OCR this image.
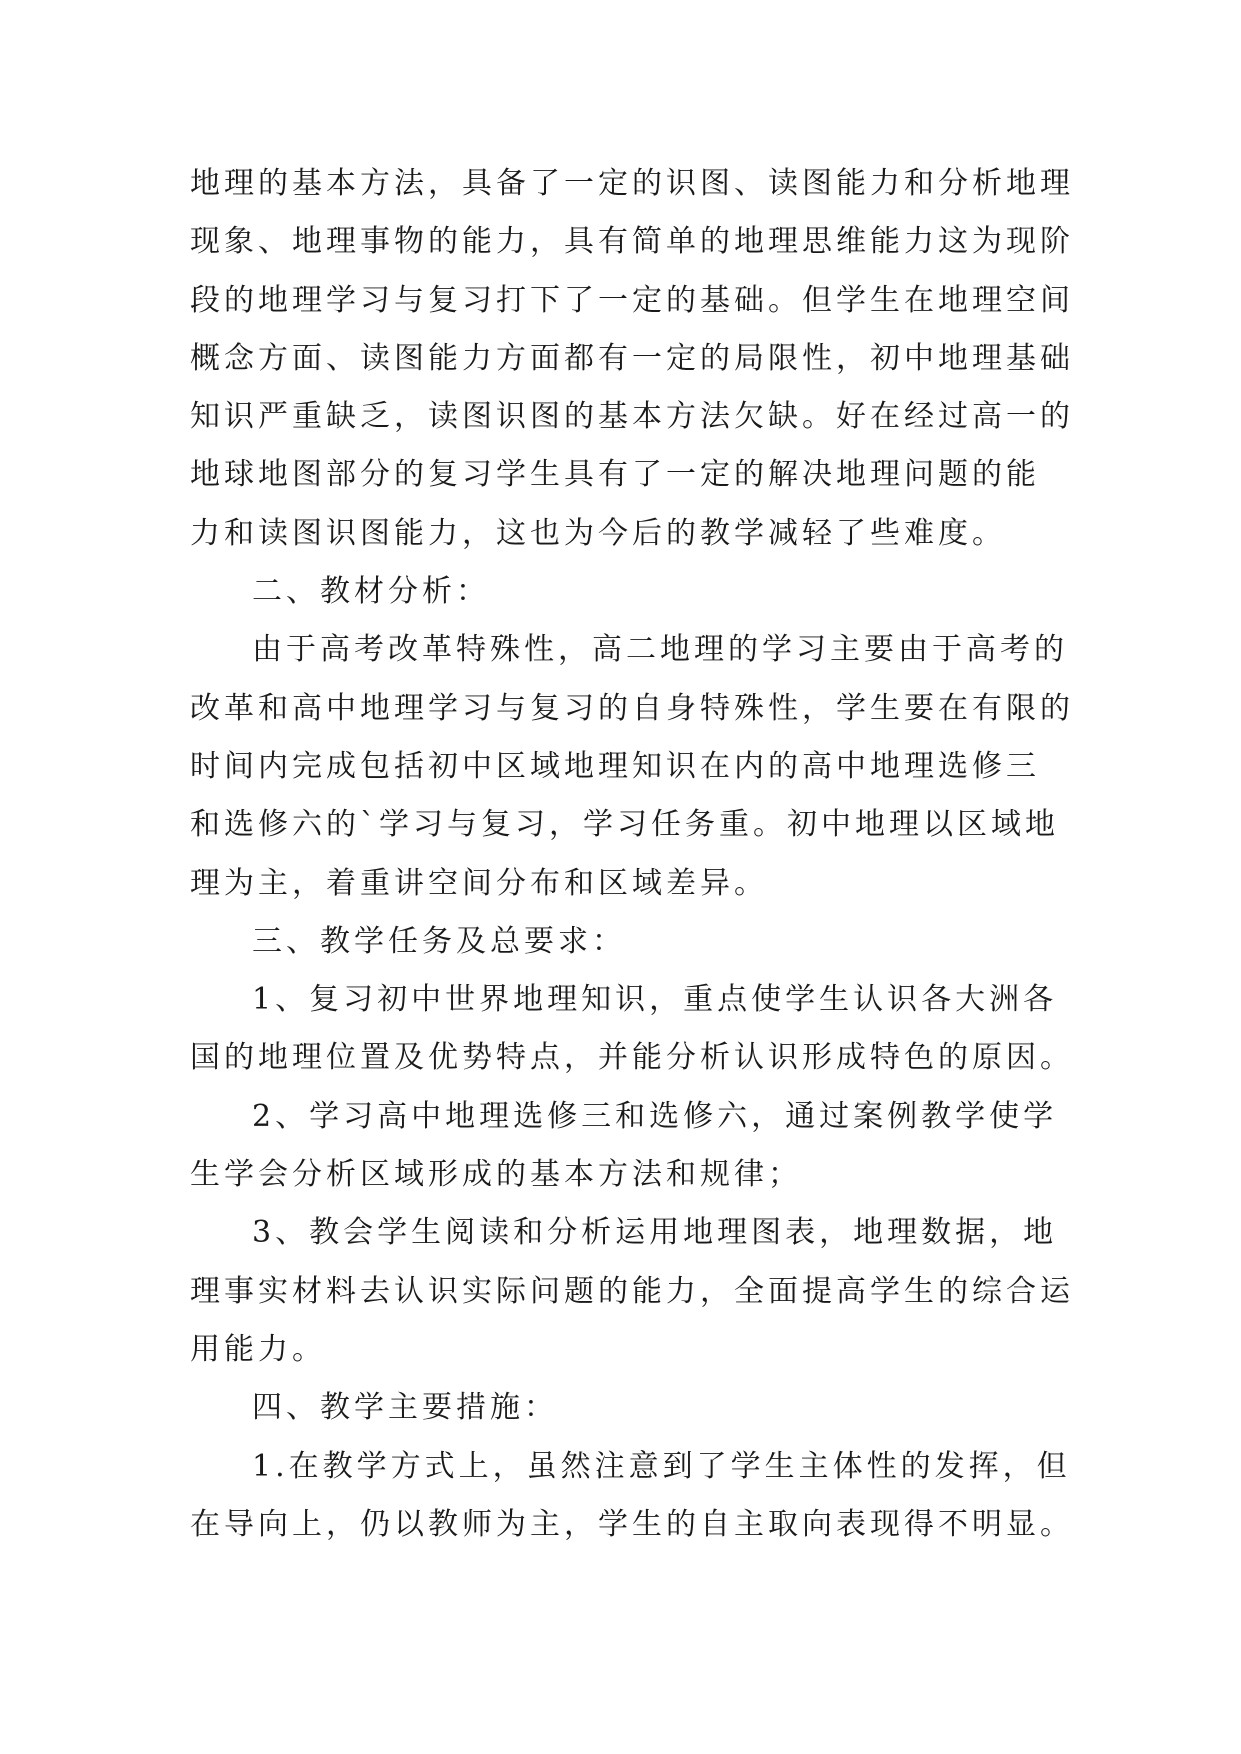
地理的基本方法，具备了一定的识图、读图能力和分析地理
现象、地理事物的能力，具有简单的地理思维能力这为现阶
段的地理学习与复习打下了一定的基础。但学生在地理空间
概念方面、读图能力方面都有一定的局限性，初中地理基础
知识严重缺乏，读图识图的基本方法欠缺。好在经过高一的
地球地图部分的复习学生具有了一定的解决地理问题的能
力和读图识图能力，这也为今后的教学减轻了些难度。
二、教材分析：
由于高考改革特殊性，高二地理的学习主要由于高考的
改革和高中地理学习与复习的自身特殊性，学生要在有限的
时间内完成包括初中区域地理知识在内的高中地理选修三
和选修六的`学习与复习，学习任务重。初中地理以区域地
理为主，着重讲空间分布和区域差异。
三、教学任务及总要求：
1、复习初中世界地理知识，重点使学生认识各大洲各
国的地理位置及优势特点，并能分析认识形成特色的原因。
2、学习高中地理选修三和选修六，通过案例教学使学
生学会分析区域形成的基本方法和规律；
3、教会学生阅读和分析运用地理图表，地理数据，地
理事实材料去认识实际问题的能力，全面提高学生的综合运
用能力。
四、教学主要措施：
1.在教学方式上，虽然注意到了学生主体性的发挥，但
在导向上，仍以教师为主，学生的自主取向表现得不明显。
